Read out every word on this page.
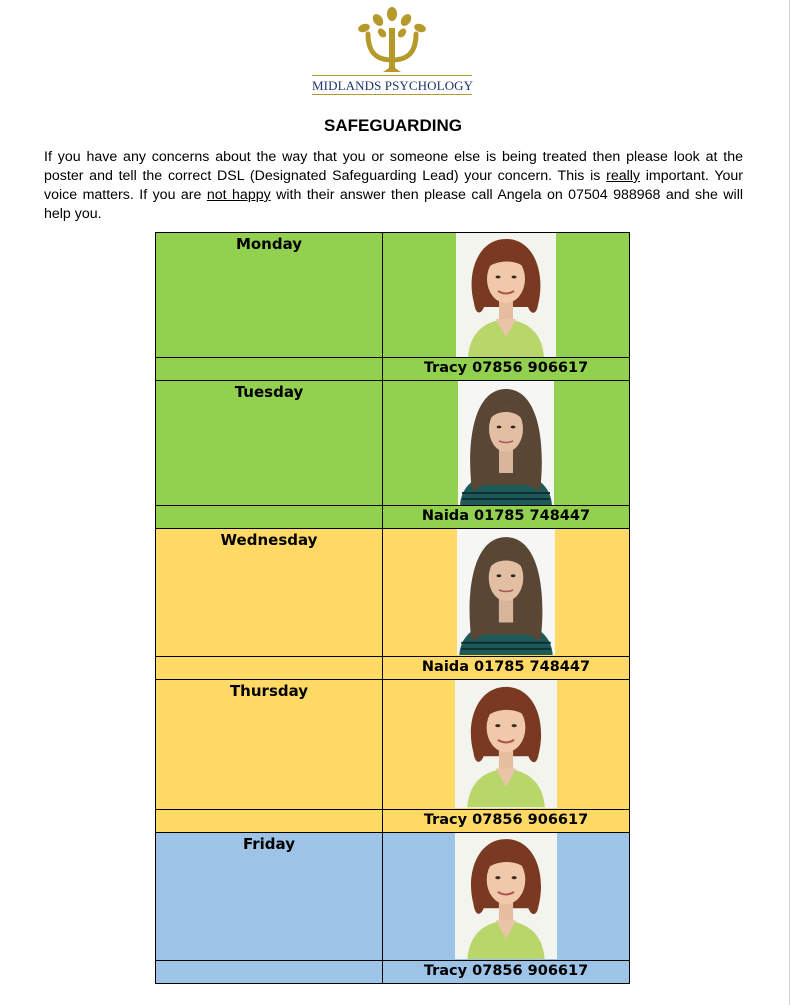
MIDLANDS PSYCHOLOGY
SAFEGUARDING
If you have any concerns about the way that you or someone else is being treated then please look at the poster and tell the correct DSL (Designated Safeguarding Lead) your concern. This is really important. Your voice matters. If you are not happy with their answer then please call Angela on 07504 988968 and she will help you.
Monday	

	Tracy 07856 906617
Tuesday	

	Naida 01785 748447
Wednesday	

	Naida 01785 748447
Thursday	

	Tracy 07856 906617
Friday	

	Tracy 07856 906617
